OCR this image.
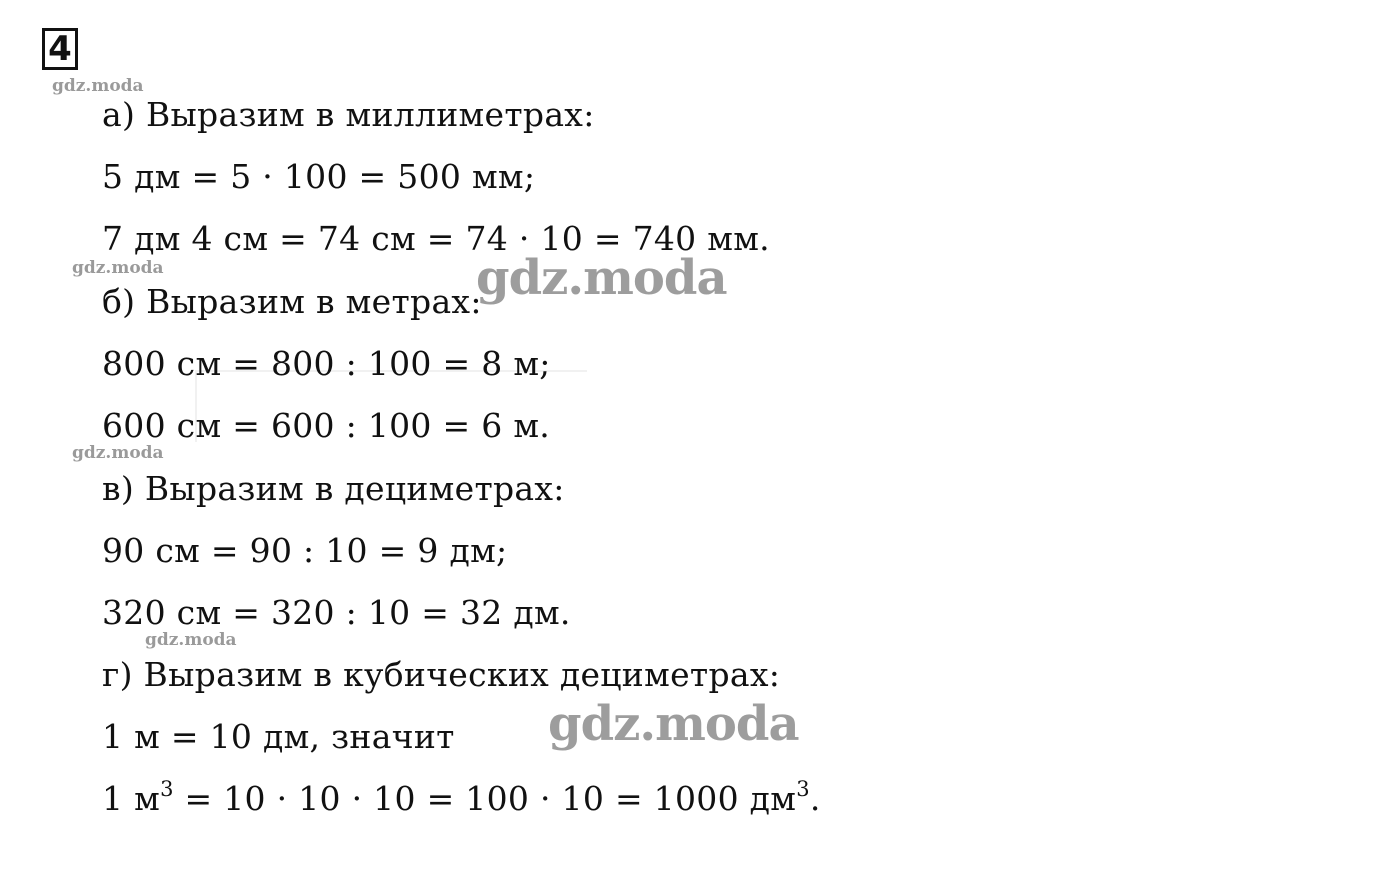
4
gdz.moda
gdz.moda
gdz.moda
gdz.moda
а) Выразим в миллиметрах:
5 дм = 5 · 100 = 500 мм;
7 дм 4 см = 74 см = 74 · 10 = 740 мм.
б) Выразим в метрах:
800 см = 800 : 100 = 8 м;
600 см = 600 : 100 = 6 м.
в) Выразим в дециметрах:
90 см = 90 : 10 = 9 дм;
320 см = 320 : 10 = 32 дм.
г) Выразим в кубических дециметрах:
1 м = 10 дм, значит
1 $м^3 = 10 \cdot 10 \cdot 10 = 100 \cdot 10 = 1000$ $дм^3$.
gdz.moda
gdz.moda
